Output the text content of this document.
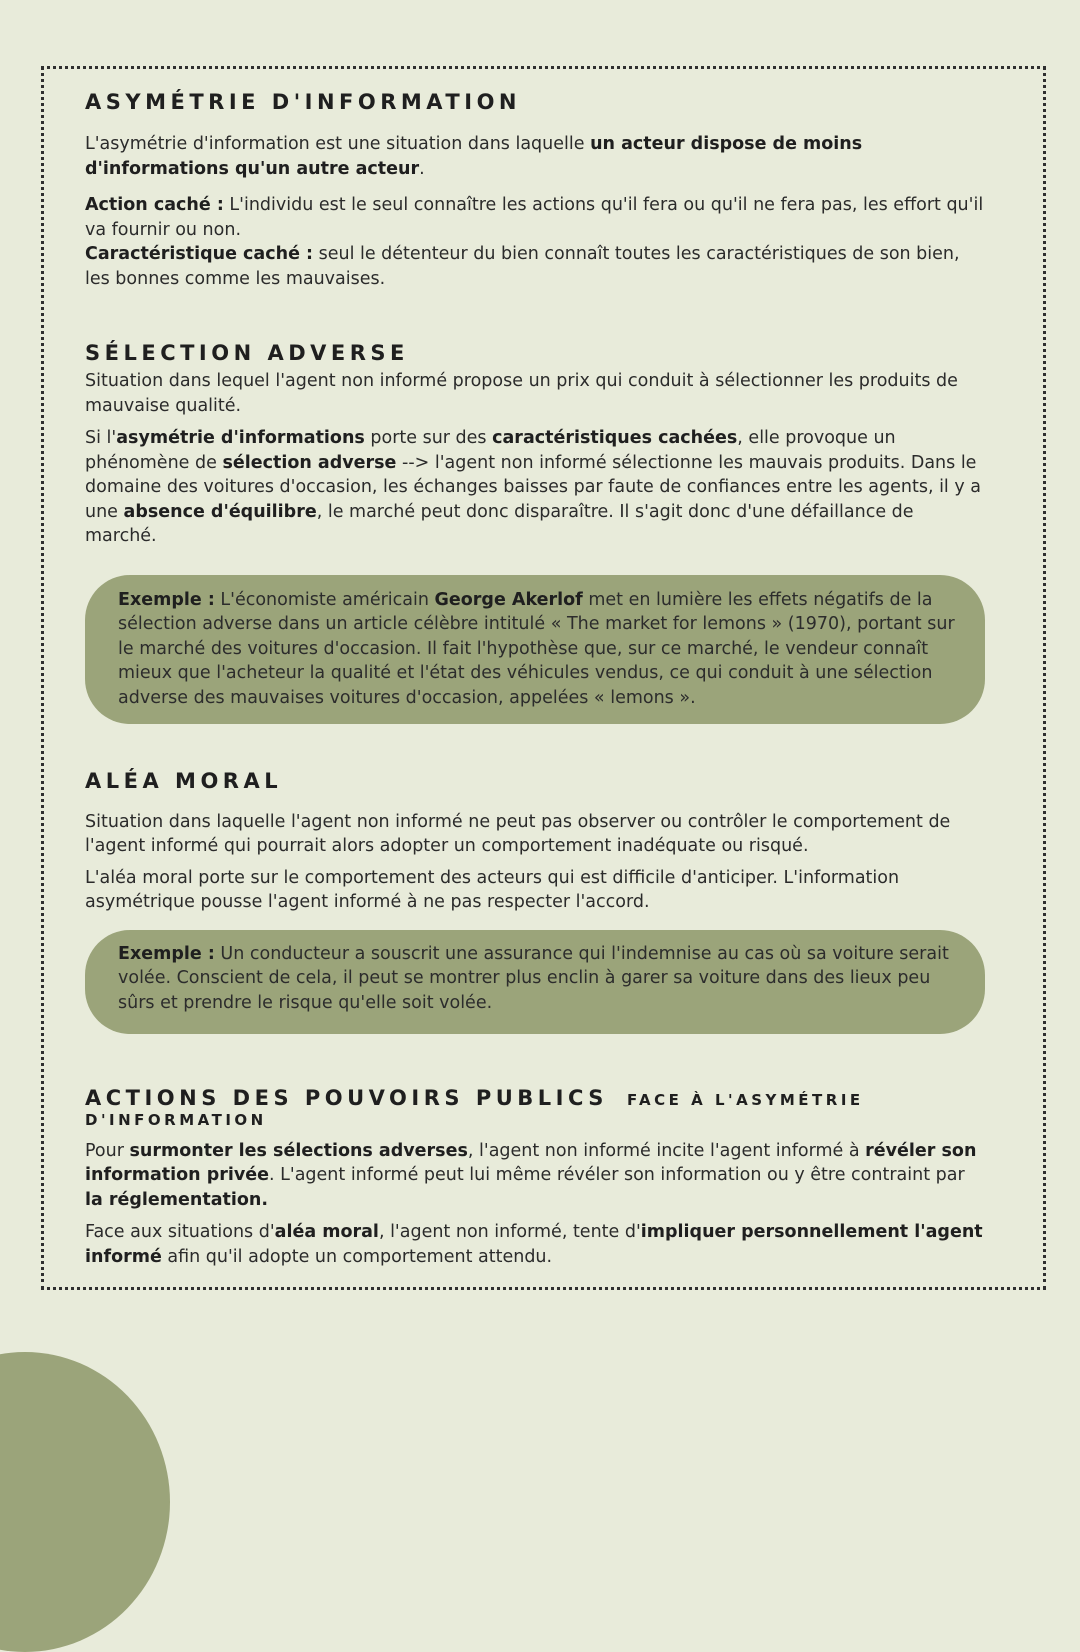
ASYMÉTRIE D'INFORMATION

L'asymétrie d'information est une situation dans laquelle un acteur dispose de moins d'informations qu'un autre acteur.

Action caché : L'individu est le seul connaître les actions qu'il fera ou qu'il ne fera pas, les effort qu'il va fournir ou non.

Caractéristique caché : seul le détenteur du bien connaît toutes les caractéristiques de son bien, les bonnes comme les mauvaises.

SÉLECTION ADVERSE

Situation dans lequel l'agent non informé propose un prix qui conduit à sélectionner les produits de mauvaise qualité.

Si l'asymétrie d'informations porte sur des caractéristiques cachées, elle provoque un phénomène de sélection adverse --> l'agent non informé sélectionne les mauvais produits. Dans le domaine des voitures d'occasion, les échanges baisses par faute de confiances entre les agents, il y a une absence d'équilibre, le marché peut donc disparaître. Il s'agit donc d'une défaillance de marché.

Exemple : L'économiste américain George Akerlof met en lumière les effets négatifs de la sélection adverse dans un article célèbre intitulé « The market for lemons » (1970), portant sur le marché des voitures d'occasion. Il fait l'hypothèse que, sur ce marché, le vendeur connaît mieux que l'acheteur la qualité et l'état des véhicules vendus, ce qui conduit à une sélection adverse des mauvaises voitures d'occasion, appelées « lemons ».

ALÉA MORAL

Situation dans laquelle l'agent non informé ne peut pas observer ou contrôler le comportement de l'agent informé qui pourrait alors adopter un comportement inadéquate ou risqué.

L'aléa moral porte sur le comportement des acteurs qui est difficile d'anticiper. L'information asymétrique pousse l'agent informé à ne pas respecter l'accord.

Exemple : Un conducteur a souscrit une assurance qui l'indemnise au cas où sa voiture serait volée. Conscient de cela, il peut se montrer plus enclin à garer sa voiture dans des lieux peu sûrs et prendre le risque qu'elle soit volée.

ACTIONS DES POUVOIRS PUBLICS FACE À L'ASYMÉTRIE
D'INFORMATION

Pour surmonter les sélections adverses, l'agent non informé incite l'agent informé à révéler son information privée. L'agent informé peut lui même révéler son information ou y être contraint par la réglementation.

Face aux situations d'aléa moral, l'agent non informé, tente d'impliquer personnellement l'agent informé afin qu'il adopte un comportement attendu.
